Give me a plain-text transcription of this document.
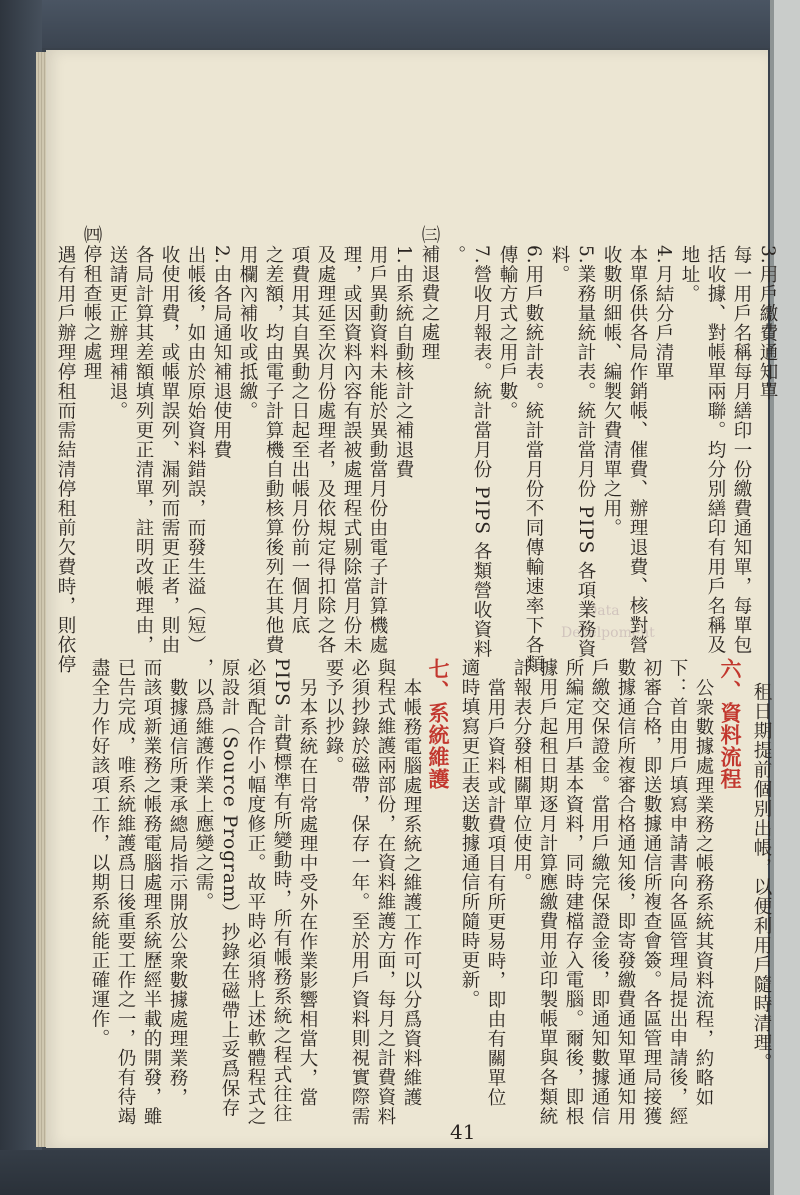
Develpoment
Data
3.用戶繳費通知單
每一用戶名稱每月繕印一份繳費通知單，每單包
括收據、對帳單兩聯。均分別繕印有用戶名稱及
地址。
4.月結分戶清單
本單係供各局作銷帳、催費、辦理退費、核對營
收數明細帳、編製欠費清單之用。
5.業務量統計表。統計當月份 PIPS 各項業務資
料。
6.用戶數統計表。統計當月份不同傳輸速率下各類
傳輸方式之用戶數。
7.營收月報表。統計當月份 PIPS 各類營收資料
。
㈢補退費之處理
1.由系統自動核計之補退費
用戶異動資料未能於異動當月份由電子計算機處
理，或因資料內容有誤被處理程式剔除當月份未
及處理延至次月份處理者，及依規定得扣除之各
項費用其自異動之日起至出帳月份前一個月底
之差額，均由電子計算機自動核算後列在其他費
用欄內補收或抵繳。
2.由各局通知補退使用費
出帳後，如由於原始資料錯誤，而發生溢（短）
收使用費，或帳單誤列、漏列而需更正者，則由
各局計算其差額填列更正清單，註明改帳理由，
送請更正辦理補退。
㈣停租查帳之處理
遇有用戶辦理停租而需結清停租前欠費時，則依停
租日期提前個別出帳，以便利用戶隨時清理。
六、資料流程
公衆數據處理業務之帳務系統其資料流程，約略如
下：首由用戶填寫申請書向各區管理局提出申請後，經
初審合格，即送數據通信所複查會簽。各區管理局接獲
數據通信所複審合格通知後，即寄發繳費通知單通知用
戶繳交保證金。當用戶繳完保證金後，即通知數據通信
所編定用戶基本資料，同時建檔存入電腦。爾後，即根
據用戶起租日期逐月計算應繳費用並印製帳單與各類統
計報表分發相關單位使用。
當用戶資料或計費項目有所更易時，即由有關單位
適時填寫更正表送數據通信所隨時更新。
七、系統維護
本帳務電腦處理系統之維護工作可以分爲資料維護
與程式維護兩部份，在資料維護方面，每月之計費資料
必須抄錄於磁帶，保存一年。至於用戶資料則視實際需
要予以抄錄。
另本系統在日常處理中受外在作業影響相當大，當
PIPS 計費標準有所變動時，所有帳務系統之程式往往
必須配合作小幅度修正。故平時必須將上述軟體程式之
原設計（Source Program）抄錄在磁帶上妥爲保存
，以爲維護作業上應變之需。
數據通信所秉承總局指示開放公衆數據處理業務，
而該項新業務之帳務電腦處理系統歷經半載的開發，雖
已告完成，唯系統維護爲日後重要工作之一，仍有待竭
盡全力作好該項工作，以期系統能正確運作。
41
